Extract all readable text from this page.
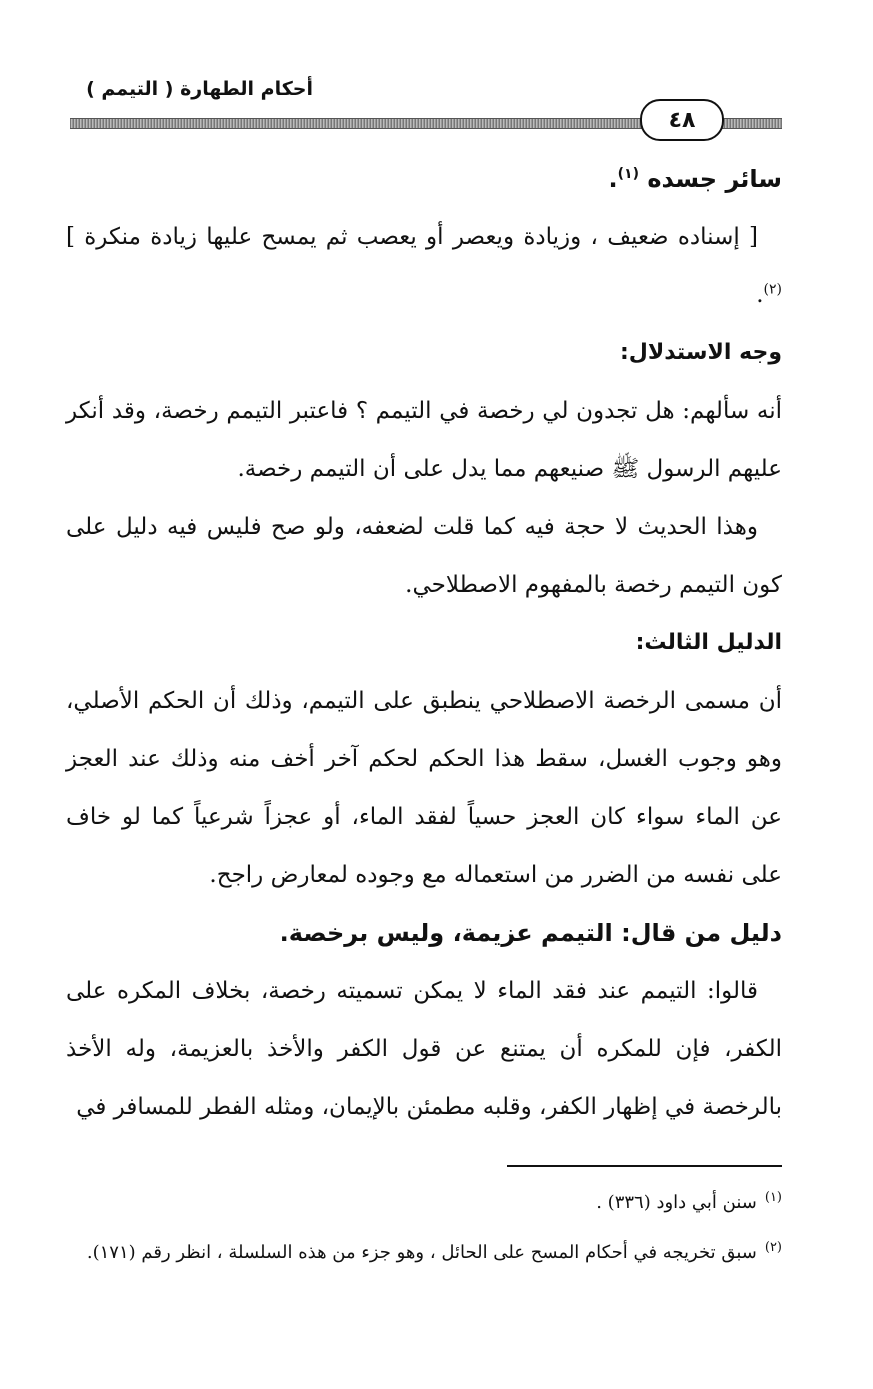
أحكام الطهارة ( التيمم )
٤٨

سائر جسده $^{(١)}$.

[ إسناده ضعيف ، وزيادة ويعصر أو يعصب ثم يمسح عليها زيادة منكرة ] $^{(٢)}$.

وجه الاستدلال:

أنه سألهم: هل تجدون لي رخصة في التيمم ؟ فاعتبر التيمم رخصة، وقد أنكر عليهم الرسول ﷺ صنيعهم مما يدل على أن التيمم رخصة.

وهذا الحديث لا حجة فيه كما قلت لضعفه، ولو صح فليس فيه دليل على كون التيمم رخصة بالمفهوم الاصطلاحي.

الدليل الثالث:

أن مسمى الرخصة الاصطلاحي ينطبق على التيمم، وذلك أن الحكم الأصلي، وهو وجوب الغسل، سقط هذا الحكم لحكم آخر أخف منه وذلك عند العجز عن الماء سواء كان العجز حسياً لفقد الماء، أو عجزاً شرعياً كما لو خاف على نفسه من الضرر من استعماله مع وجوده لمعارض راجح.

دليل من قال: التيمم عزيمة، وليس برخصة.

قالوا: التيمم عند فقد الماء لا يمكن تسميته رخصة، بخلاف المكره على الكفر، فإن للمكره أن يمتنع عن قول الكفر والأخذ بالعزيمة، وله الأخذ بالرخصة في إظهار الكفر، وقلبه مطمئن بالإيمان، ومثله الفطر للمسافر في

$^{(١)}$سنن أبي داود (٣٣٦) .

$^{(٢)}$سبق تخريجه في أحكام المسح على الحائل ، وهو جزء من هذه السلسلة ، انظر رقم (١٧١).
